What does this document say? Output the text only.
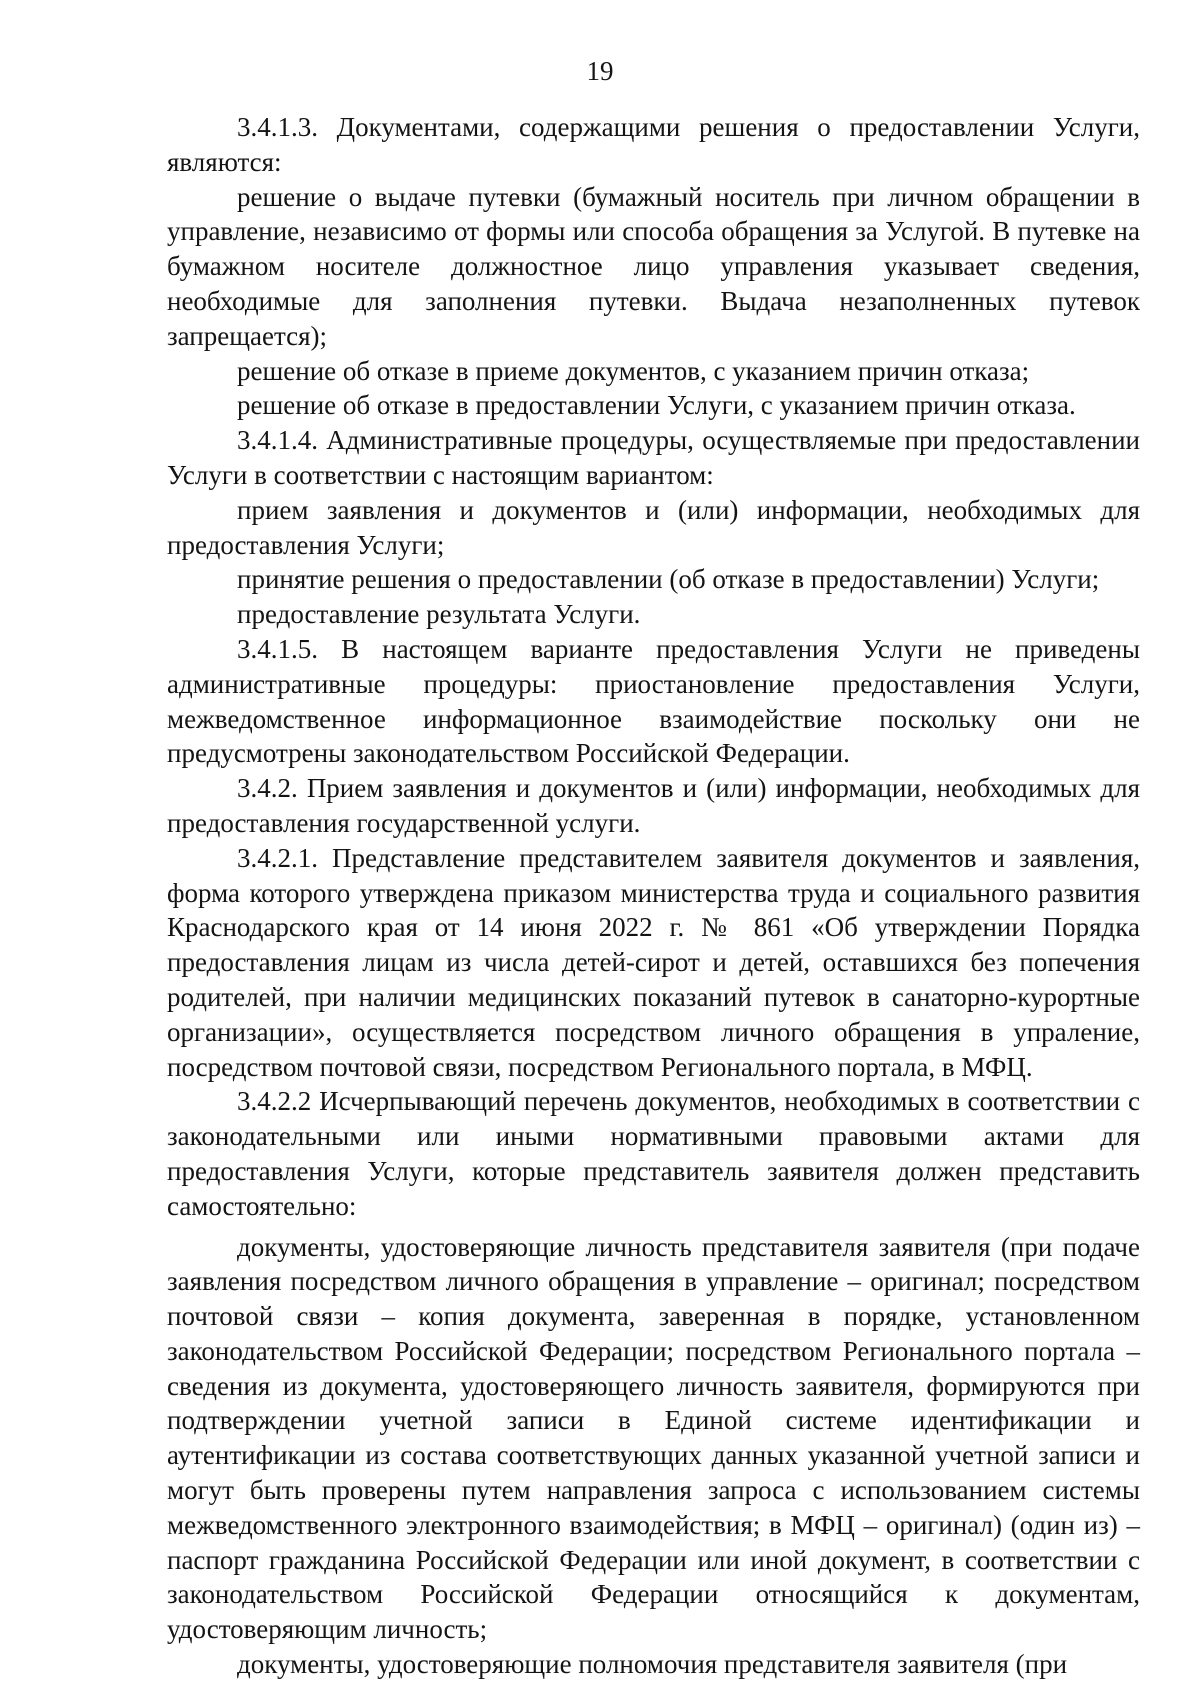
19

3.4.1.3. Документами, содержащими решения о предоставлении Услуги, являются:

решение о выдаче путевки (бумажный носитель при личном обращении в управление, независимо от формы или способа обращения за Услугой. В путевке на бумажном носителе должностное лицо управления указывает сведения, необходимые для заполнения путевки. Выдача незаполненных путевок запрещается);

решение об отказе в приеме документов, с указанием причин отказа;

решение об отказе в предоставлении Услуги, с указанием причин отказа.

3.4.1.4. Административные процедуры, осуществляемые при предоставлении Услуги в соответствии с настоящим вариантом:

прием заявления и документов и (или) информации, необходимых для предоставления Услуги;

принятие решения о предоставлении (об отказе в предоставлении) Услуги;

предоставление результата Услуги.

3.4.1.5. В настоящем варианте предоставления Услуги не приведены административные процедуры: приостановление предоставления Услуги, межведомственное информационное взаимодействие поскольку они не предусмотрены законодательством Российской Федерации.

3.4.2. Прием заявления и документов и (или) информации, необходимых для предоставления государственной услуги.

3.4.2.1. Представление представителем заявителя документов и заявления, форма которого утверждена приказом министерства труда и социального развития Краснодарского края от 14 июня 2022 г. № 861 «Об утверждении Порядка предоставления лицам из числа детей-сирот и детей, оставшихся без попечения родителей, при наличии медицинских показаний путевок в санаторно-курортные организации», осуществляется посредством личного обращения в упраление, посредством почтовой связи, посредством Регионального портала, в МФЦ.

3.4.2.2 Исчерпывающий перечень документов, необходимых в соответствии с законодательными или иными нормативными правовыми актами для предоставления Услуги, которые представитель заявителя должен представить самостоятельно:

документы, удостоверяющие личность представителя заявителя (при подаче заявления посредством личного обращения в управление – оригинал; посредством почтовой связи – копия документа, заверенная в порядке, установленном законодательством Российской Федерации; посредством Регионального портала – сведения из документа, удостоверяющего личность заявителя, формируются при подтверждении учетной записи в Единой системе идентификации и аутентификации из состава соответствующих данных указанной учетной записи и могут быть проверены путем направления запроса с использованием системы межведомственного электронного взаимодействия; в МФЦ – оригинал) (один из) – паспорт гражданина Российской Федерации или иной документ, в соответствии с законодательством Российской Федерации относящийся к документам, удостоверяющим личность;

документы, удостоверяющие полномочия представителя заявителя (при
